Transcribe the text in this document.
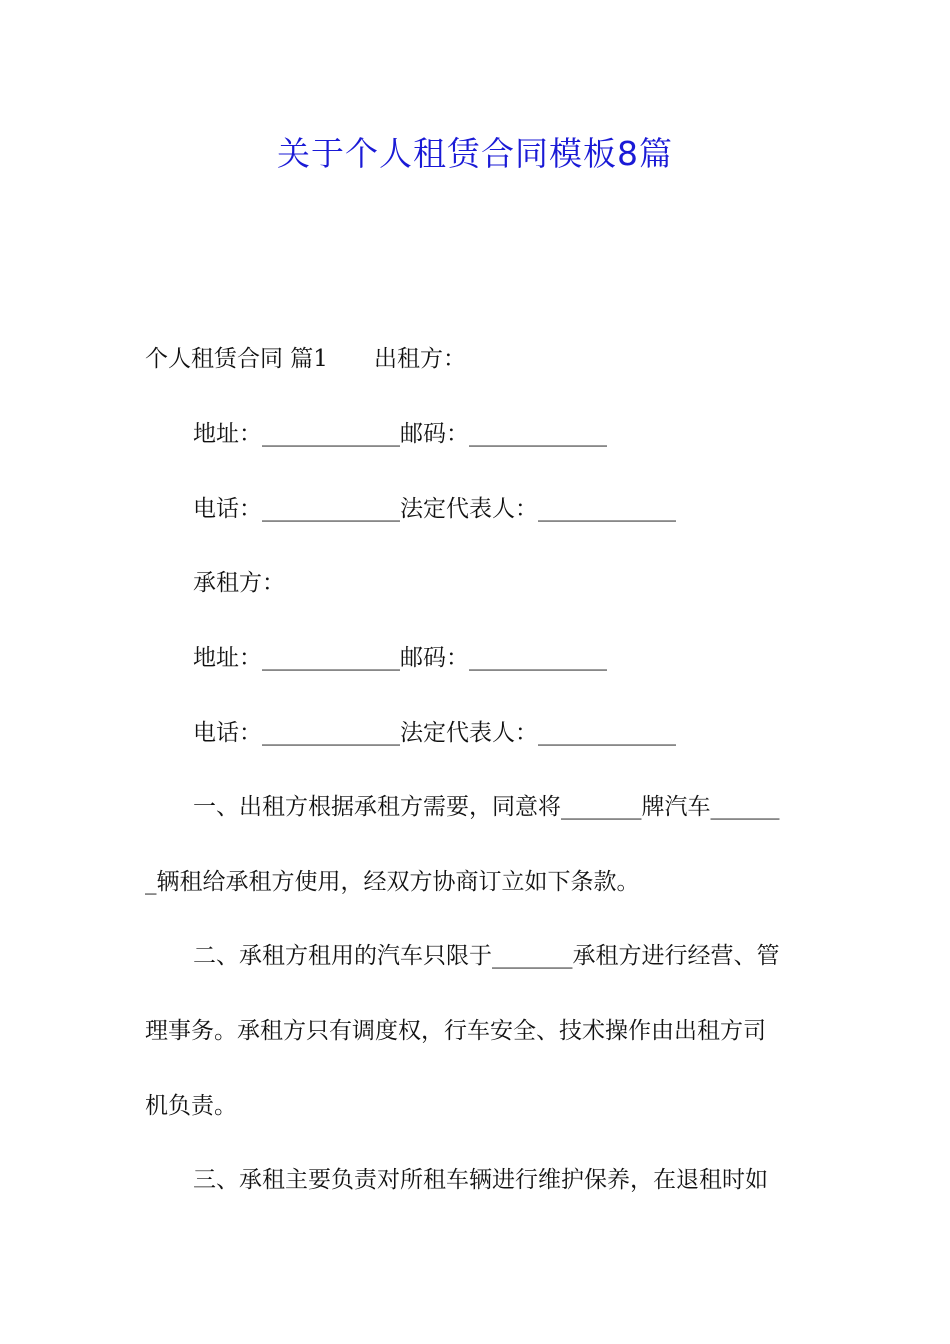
关于个人租赁合同模板8篇
个人租赁合同 篇1 出租方：
地址：____________邮码：____________
电话：____________法定代表人：____________
承租方：
地址：____________邮码：____________
电话：____________法定代表人：____________
一、出租方根据承租方需要，同意将_______牌汽车______
_辆租给承租方使用，经双方协商订立如下条款。
二、承租方租用的汽车只限于_______承租方进行经营、管
理事务。承租方只有调度权，行车安全、技术操作由出租方司
机负责。
三、承租主要负责对所租车辆进行维护保养，在退租时如
